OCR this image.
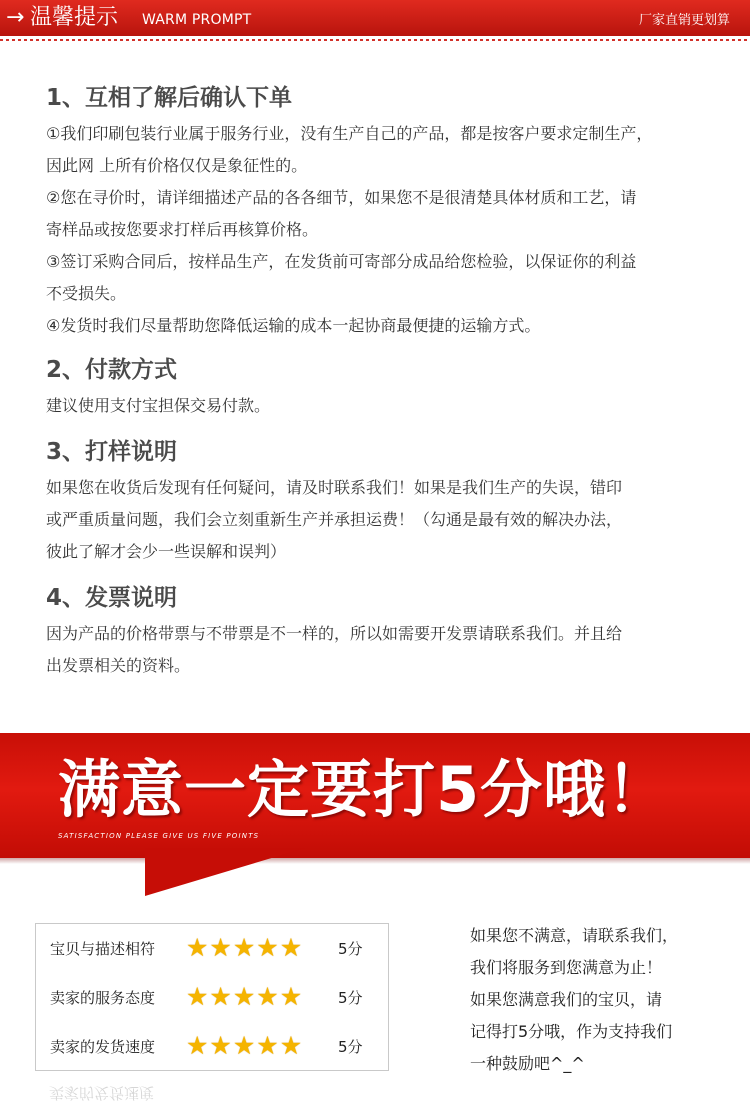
→ 温馨提示 WARM PROMPT	厂家直销更划算
1、互相了解后确认下单

①我们印刷包装行业属于服务行业，没有生产自己的产品，都是按客户要求定制生产，

因此网 上所有价格仅仅是象征性的。

②您在寻价时，请详细描述产品的各各细节，如果您不是很清楚具体材质和工艺，请

寄样品或按您要求打样后再核算价格。

③签订采购合同后，按样品生产，在发货前可寄部分成品给您检验，以保证你的利益

不受损失。

④发货时我们尽量帮助您降低运输的成本一起协商最便捷的运输方式。

2、付款方式

建议使用支付宝担保交易付款。

3、打样说明

如果您在收货后发现有任何疑问，请及时联系我们！如果是我们生产的失误，错印

或严重质量问题，我们会立刻重新生产并承担运费！（勾通是最有效的解决办法，

彼此了解才会少一些误解和误判）

4、发票说明

因为产品的价格带票与不带票是不一样的，所以如需要开发票请联系我们。并且给

出发票相关的资料。

满意一定要打5分哦！
SATISFACTION PLEASE GIVE US FIVE POINTS
宝贝与描述相符 ★★★★★ 5分
卖家的服务态度 ★★★★★ 5分
卖家的发货速度 ★★★★★ 5分
卖家的发货速度
如果您不满意，请联系我们，
我们将服务到您满意为止！
如果您满意我们的宝贝，请
记得打5分哦，作为支持我们
一种鼓励吧^_^
